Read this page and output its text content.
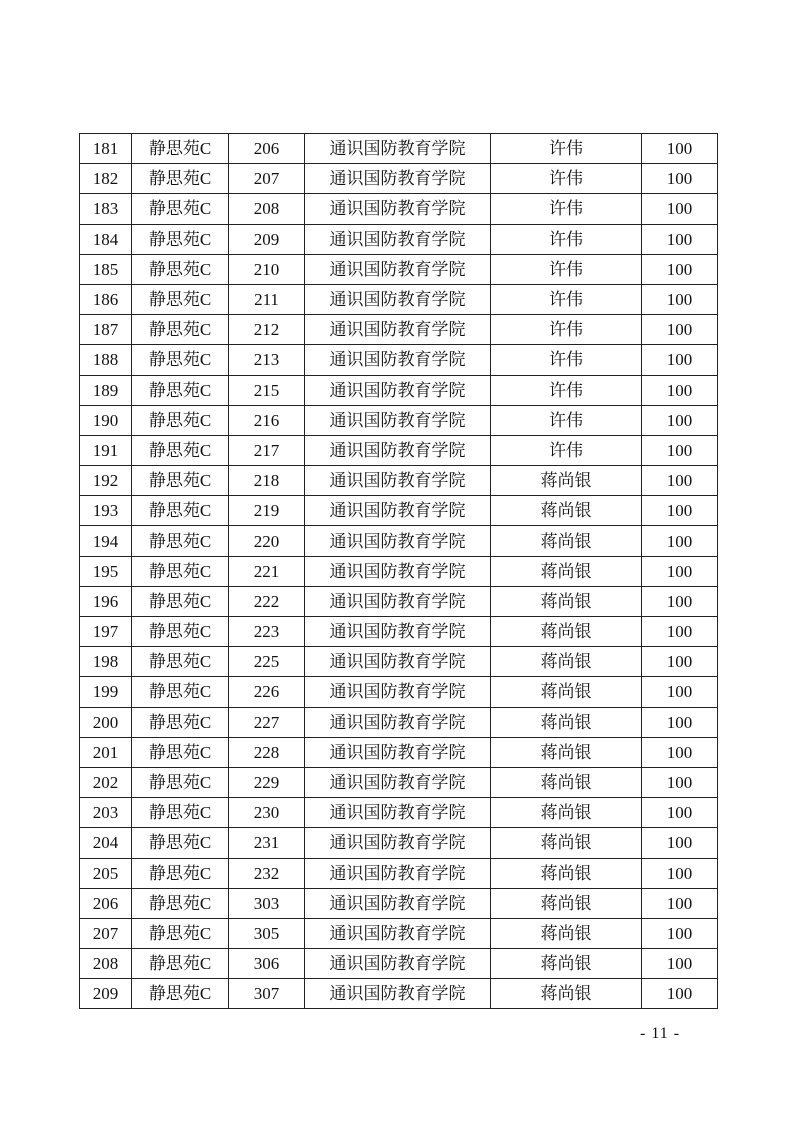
181	静思苑C	206	通识国防教育学院	许伟	100
182	静思苑C	207	通识国防教育学院	许伟	100
183	静思苑C	208	通识国防教育学院	许伟	100
184	静思苑C	209	通识国防教育学院	许伟	100
185	静思苑C	210	通识国防教育学院	许伟	100
186	静思苑C	211	通识国防教育学院	许伟	100
187	静思苑C	212	通识国防教育学院	许伟	100
188	静思苑C	213	通识国防教育学院	许伟	100
189	静思苑C	215	通识国防教育学院	许伟	100
190	静思苑C	216	通识国防教育学院	许伟	100
191	静思苑C	217	通识国防教育学院	许伟	100
192	静思苑C	218	通识国防教育学院	蒋尚银	100
193	静思苑C	219	通识国防教育学院	蒋尚银	100
194	静思苑C	220	通识国防教育学院	蒋尚银	100
195	静思苑C	221	通识国防教育学院	蒋尚银	100
196	静思苑C	222	通识国防教育学院	蒋尚银	100
197	静思苑C	223	通识国防教育学院	蒋尚银	100
198	静思苑C	225	通识国防教育学院	蒋尚银	100
199	静思苑C	226	通识国防教育学院	蒋尚银	100
200	静思苑C	227	通识国防教育学院	蒋尚银	100
201	静思苑C	228	通识国防教育学院	蒋尚银	100
202	静思苑C	229	通识国防教育学院	蒋尚银	100
203	静思苑C	230	通识国防教育学院	蒋尚银	100
204	静思苑C	231	通识国防教育学院	蒋尚银	100
205	静思苑C	232	通识国防教育学院	蒋尚银	100
206	静思苑C	303	通识国防教育学院	蒋尚银	100
207	静思苑C	305	通识国防教育学院	蒋尚银	100
208	静思苑C	306	通识国防教育学院	蒋尚银	100
209	静思苑C	307	通识国防教育学院	蒋尚银	100
- 11 -
